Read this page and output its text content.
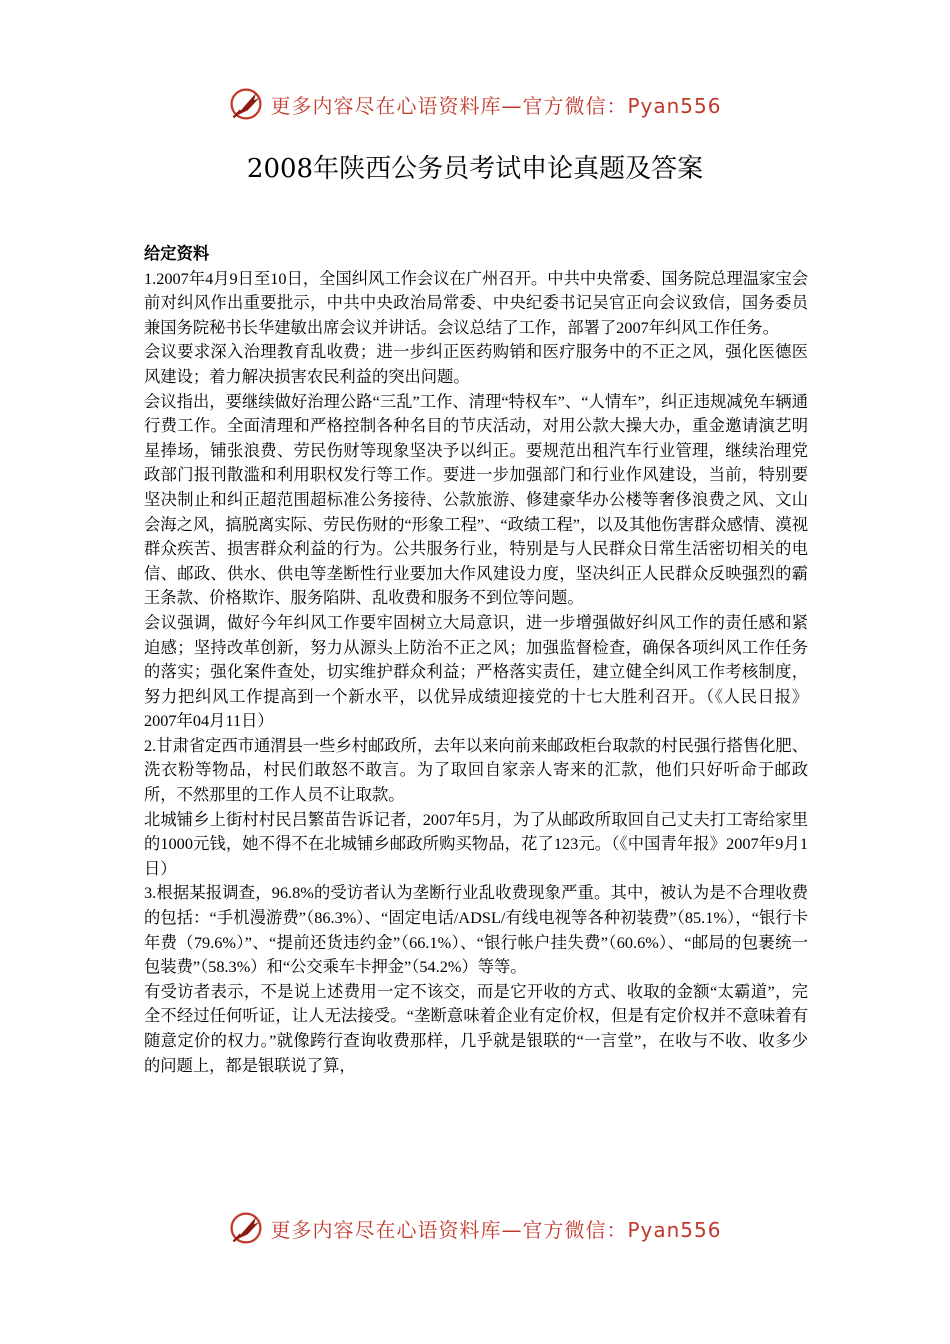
更多内容尽在心语资料库—官方微信：Pyan556
2008年陕西公务员考试申论真题及答案

给定资料

1.2007年4月9日至10日，全国纠风工作会议在广州召开。中共中央常委、国务院总理温家宝会前对纠风作出重要批示，中共中央政治局常委、中央纪委书记吴官正向会议致信，国务委员兼国务院秘书长华建敏出席会议并讲话。会议总结了工作，部署了2007年纠风工作任务。

会议要求深入治理教育乱收费；进一步纠正医药购销和医疗服务中的不正之风，强化医德医风建设；着力解决损害农民利益的突出问题。

会议指出，要继续做好治理公路“三乱”工作、清理“特权车”、“人情车”，纠正违规减免车辆通行费工作。全面清理和严格控制各种名目的节庆活动，对用公款大操大办，重金邀请演艺明星捧场，铺张浪费、劳民伤财等现象坚决予以纠正。要规范出租汽车行业管理，继续治理党政部门报刊散滥和利用职权发行等工作。要进一步加强部门和行业作风建设，当前，特别要坚决制止和纠正超范围超标准公务接待、公款旅游、修建豪华办公楼等奢侈浪费之风、文山会海之风，搞脱离实际、劳民伤财的“形象工程”、“政绩工程”，以及其他伤害群众感情、漠视群众疾苦、损害群众利益的行为。公共服务行业，特别是与人民群众日常生活密切相关的电信、邮政、供水、供电等垄断性行业要加大作风建设力度，坚决纠正人民群众反映强烈的霸王条款、价格欺诈、服务陷阱、乱收费和服务不到位等问题。

会议强调，做好今年纠风工作要牢固树立大局意识，进一步增强做好纠风工作的责任感和紧迫感；坚持改革创新，努力从源头上防治不正之风；加强监督检查，确保各项纠风工作任务的落实；强化案件查处，切实维护群众利益；严格落实责任，建立健全纠风工作考核制度，努力把纠风工作提高到一个新水平，以优异成绩迎接党的十七大胜利召开。（《人民日报》2007年04月11日）

2.甘肃省定西市通渭县一些乡村邮政所，去年以来向前来邮政柜台取款的村民强行搭售化肥、洗衣粉等物品，村民们敢怒不敢言。为了取回自家亲人寄来的汇款，他们只好听命于邮政所，不然那里的工作人员不让取款。

北城铺乡上街村村民吕繁苗告诉记者，2007年5月，为了从邮政所取回自己丈夫打工寄给家里的1000元钱，她不得不在北城铺乡邮政所购买物品，花了123元。（《中国青年报》2007年9月1日）

3.根据某报调查，96.8%的受访者认为垄断行业乱收费现象严重。其中，被认为是不合理收费的包括：“手机漫游费”（86.3%）、“固定电话/ADSL/有线电视等各种初装费”（85.1%），“银行卡年费（79.6%）”、“提前还货违约金”（66.1%）、“银行帐户挂失费”（60.6%）、“邮局的包裹统一包装费”（58.3%）和“公交乘车卡押金”（54.2%）等等。

有受访者表示，不是说上述费用一定不该交，而是它开收的方式、收取的金额“太霸道”，完全不经过任何听证，让人无法接受。“垄断意味着企业有定价权，但是有定价权并不意味着有随意定价的权力。”就像跨行查询收费那样，几乎就是银联的“一言堂”，在收与不收、收多少的问题上，都是银联说了算，

更多内容尽在心语资料库—官方微信：Pyan556
